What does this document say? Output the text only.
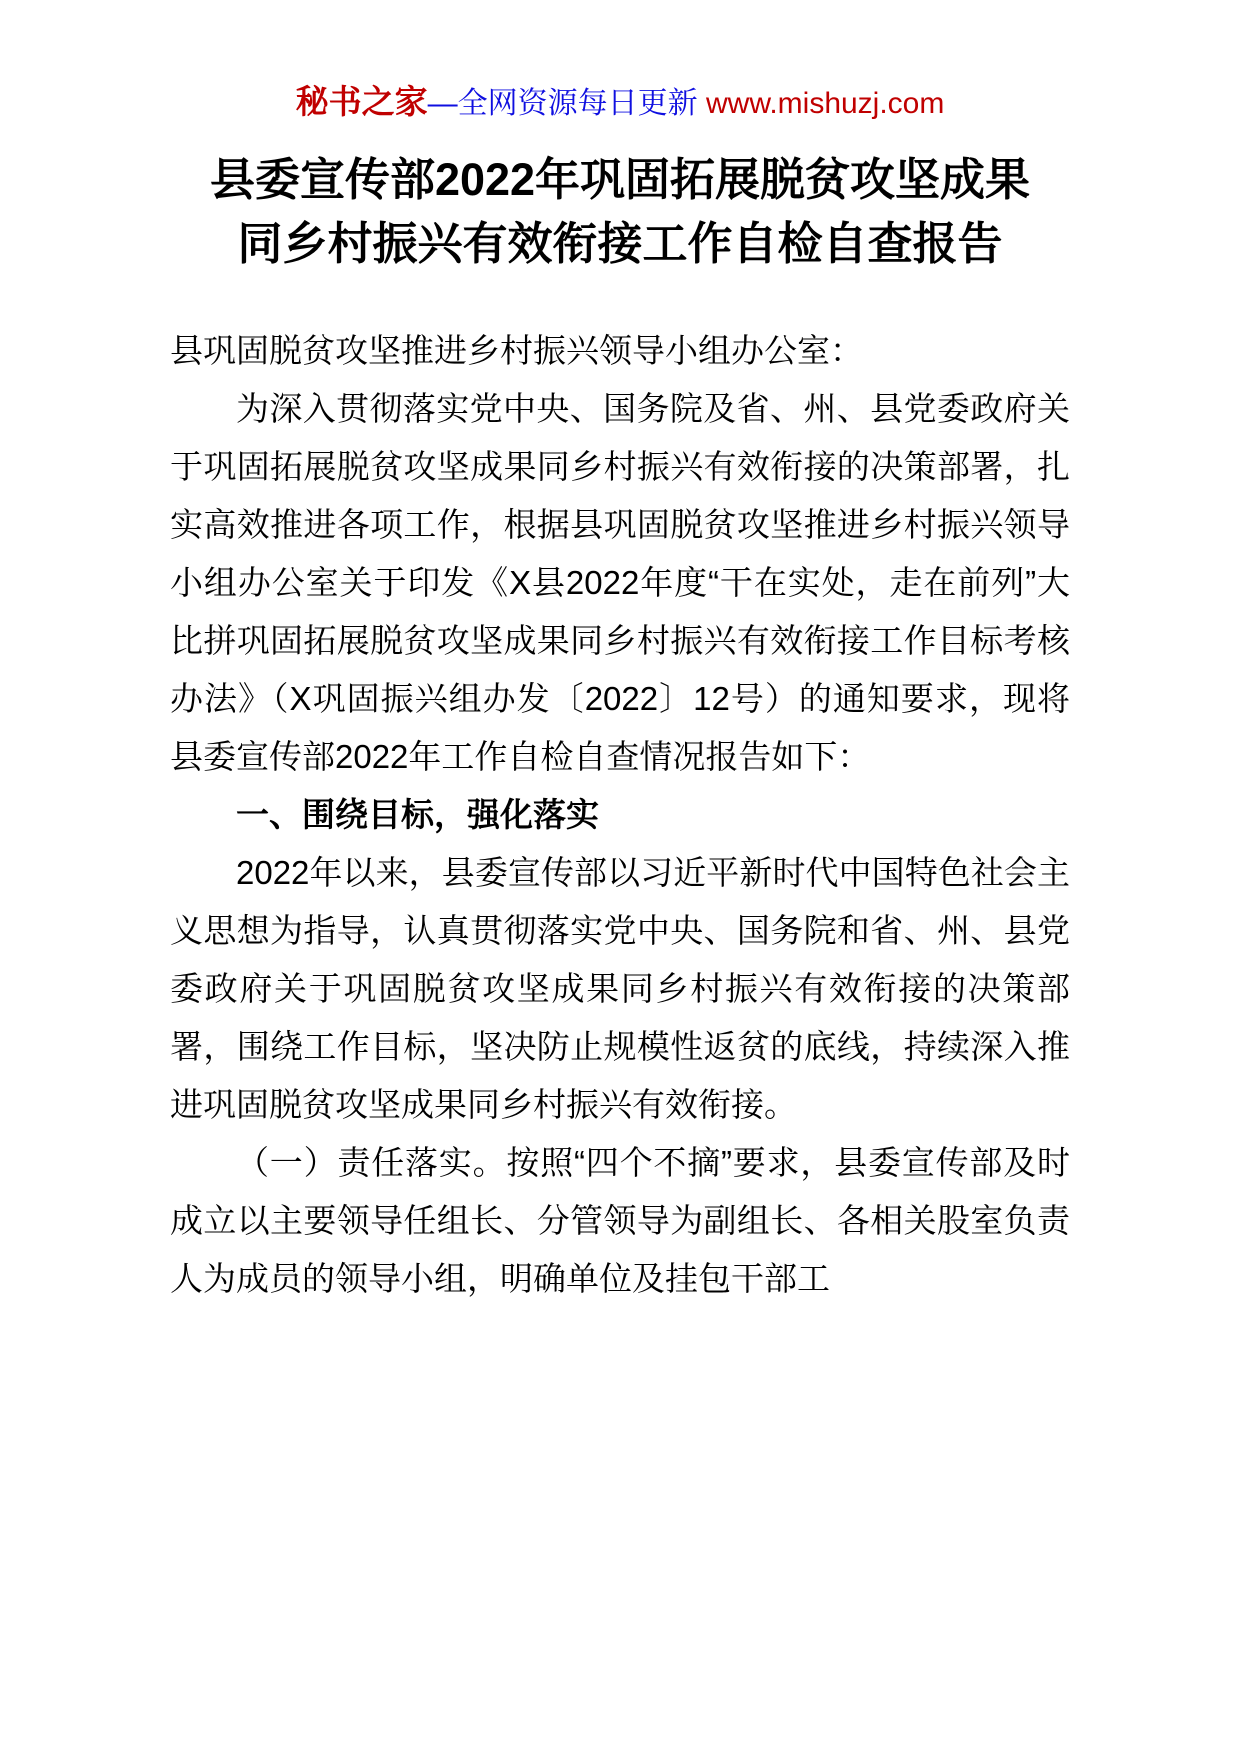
秘书之家—全网资源每日更新 www.mishuzj.com
县委宣传部2022年巩固拓展脱贫攻坚成果
同乡村振兴有效衔接工作自检自查报告

县巩固脱贫攻坚推进乡村振兴领导小组办公室：

为深入贯彻落实党中央、国务院及省、州、县党委政府关于巩固拓展脱贫攻坚成果同乡村振兴有效衔接的决策部署，扎实高效推进各项工作，根据县巩固脱贫攻坚推进乡村振兴领导小组办公室关于印发《X县2022年度“干在实处，走在前列”大比拼巩固拓展脱贫攻坚成果同乡村振兴有效衔接工作目标考核办法》（X巩固振兴组办发〔2022〕12号）的通知要求，现将县委宣传部2022年工作自检自查情况报告如下：

一、围绕目标，强化落实

2022年以来，县委宣传部以习近平新时代中国特色社会主义思想为指导，认真贯彻落实党中央、国务院和省、州、县党委政府关于巩固脱贫攻坚成果同乡村振兴有效衔接的决策部署，围绕工作目标，坚决防止规模性返贫的底线，持续深入推进巩固脱贫攻坚成果同乡村振兴有效衔接。

（一）责任落实。按照“四个不摘”要求，县委宣传部及时成立以主要领导任组长、分管领导为副组长、各相关股室负责人为成员的领导小组，明确单位及挂包干部工
